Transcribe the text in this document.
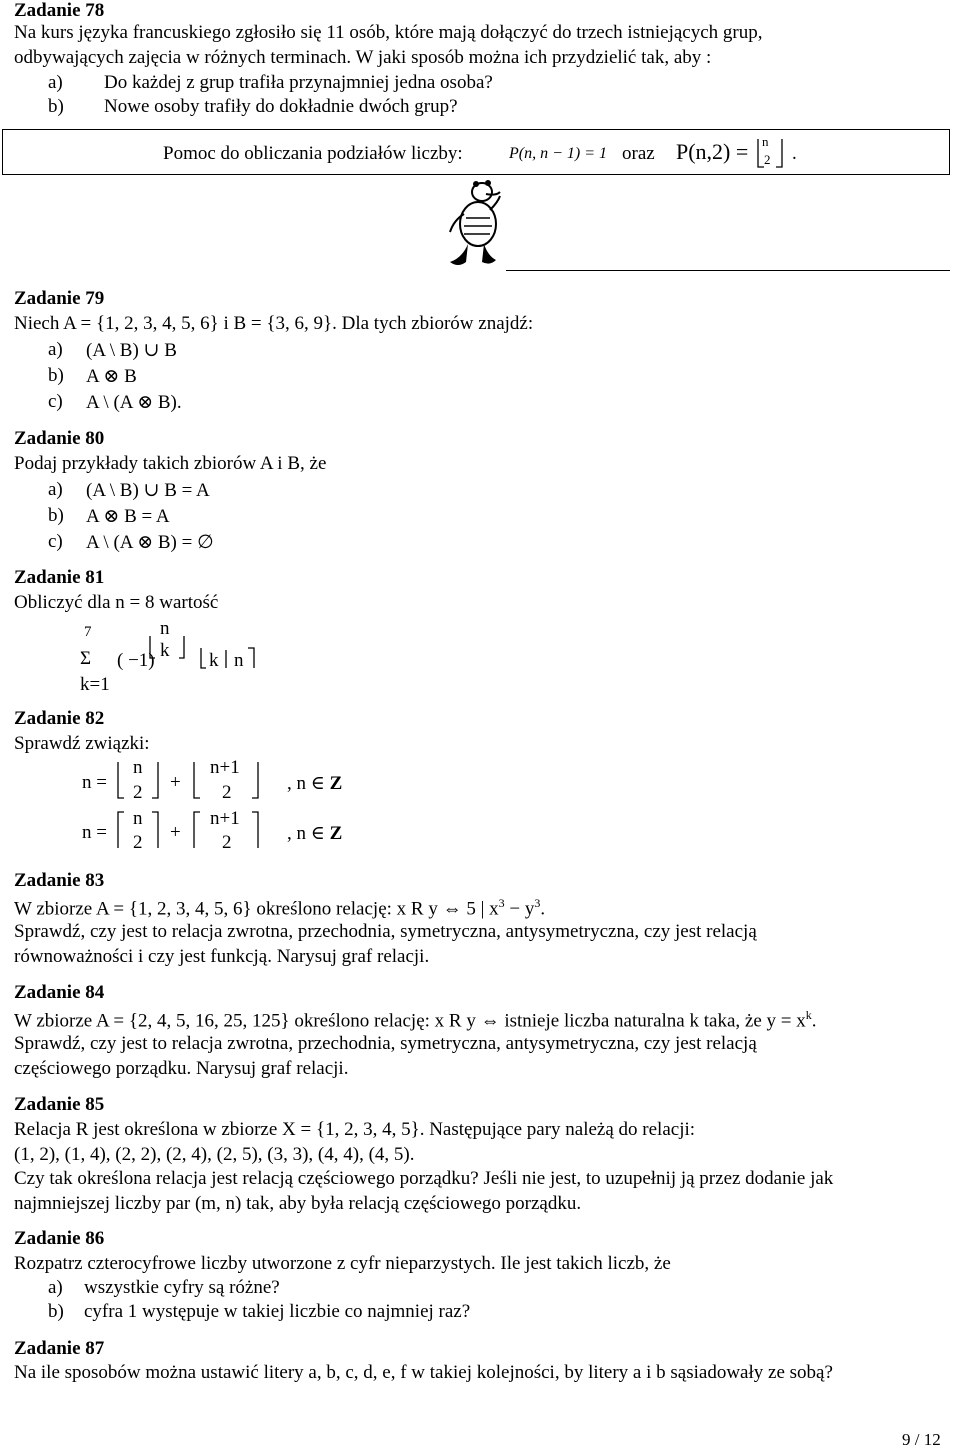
Zadanie 78
Na kurs języka francuskiego zgłosiło się 11 osób, które mają dołączyć do trzech istniejących grup,
odbywających zajęcia w różnych terminach. W jaki sposób można ich przydzielić tak, aby :
a) Do każdej z grup trafiła przynajmniej jedna osoba?
b) Nowe osoby trafiły do dokładnie dwóch grup?
Pomoc do obliczania podziałów liczby:	P(n, n − 1) = 1 oraz P(n,2) = n
2 .
Zadanie 79
Niech A = {1, 2, 3, 4, 5, 6} i B = {3, 6, 9}. Dla tych zbiorów znajdź:
a) (A \ B) ∪ B
b) A ⊗ B
c) A \ (A ⊗ B).
Zadanie 80
Podaj przykłady takich zbiorów A i B, że
a) (A \ B) ∪ B = A
b) A ⊗ B = A
c) A \ (A ⊗ B) = ∅
Zadanie 81
Obliczyć dla n = 8 wartość
7
Σ
k=1
( −1)
n
k k n
Zadanie 82
Sprawdź związki:
n =
n
2 +
n+1
2	, n ∈ Z
n =
n
2 +
n+1
2	, n ∈ Z
Zadanie 83
W zbiorze A = {1, 2, 3, 4, 5, 6} określono relację: x R y ⇔ 5 | $x^3 - y^3$.
Sprawdź, czy jest to relacja zwrotna, przechodnia, symetryczna, antysymetryczna, czy jest relacją
równoważności i czy jest funkcją. Narysuj graf relacji.
Zadanie 84
W zbiorze A = {2, 4, 5, 16, 25, 125} określono relację: x R y ⇔ istnieje liczba naturalna k taka, że $y = x^k$.
Sprawdź, czy jest to relacja zwrotna, przechodnia, symetryczna, antysymetryczna, czy jest relacją
częściowego porządku. Narysuj graf relacji.
Zadanie 85
Relacja R jest określona w zbiorze X = {1, 2, 3, 4, 5}. Następujące pary należą do relacji:
(1, 2), (1, 4), (2, 2), (2, 4), (2, 5), (3, 3), (4, 4), (4, 5).
Czy tak określona relacja jest relacją częściowego porządku? Jeśli nie jest, to uzupełnij ją przez dodanie jak
najmniejszej liczby par (m, n) tak, aby była relacją częściowego porządku.
Zadanie 86
Rozpatrz czterocyfrowe liczby utworzone z cyfr nieparzystych. Ile jest takich liczb, że
a) wszystkie cyfry są różne?
b) cyfra 1 występuje w takiej liczbie co najmniej raz?
Zadanie 87
Na ile sposobów można ustawić litery a, b, c, d, e, f w takiej kolejności, by litery a i b sąsiadowały ze sobą?
9 / 12
